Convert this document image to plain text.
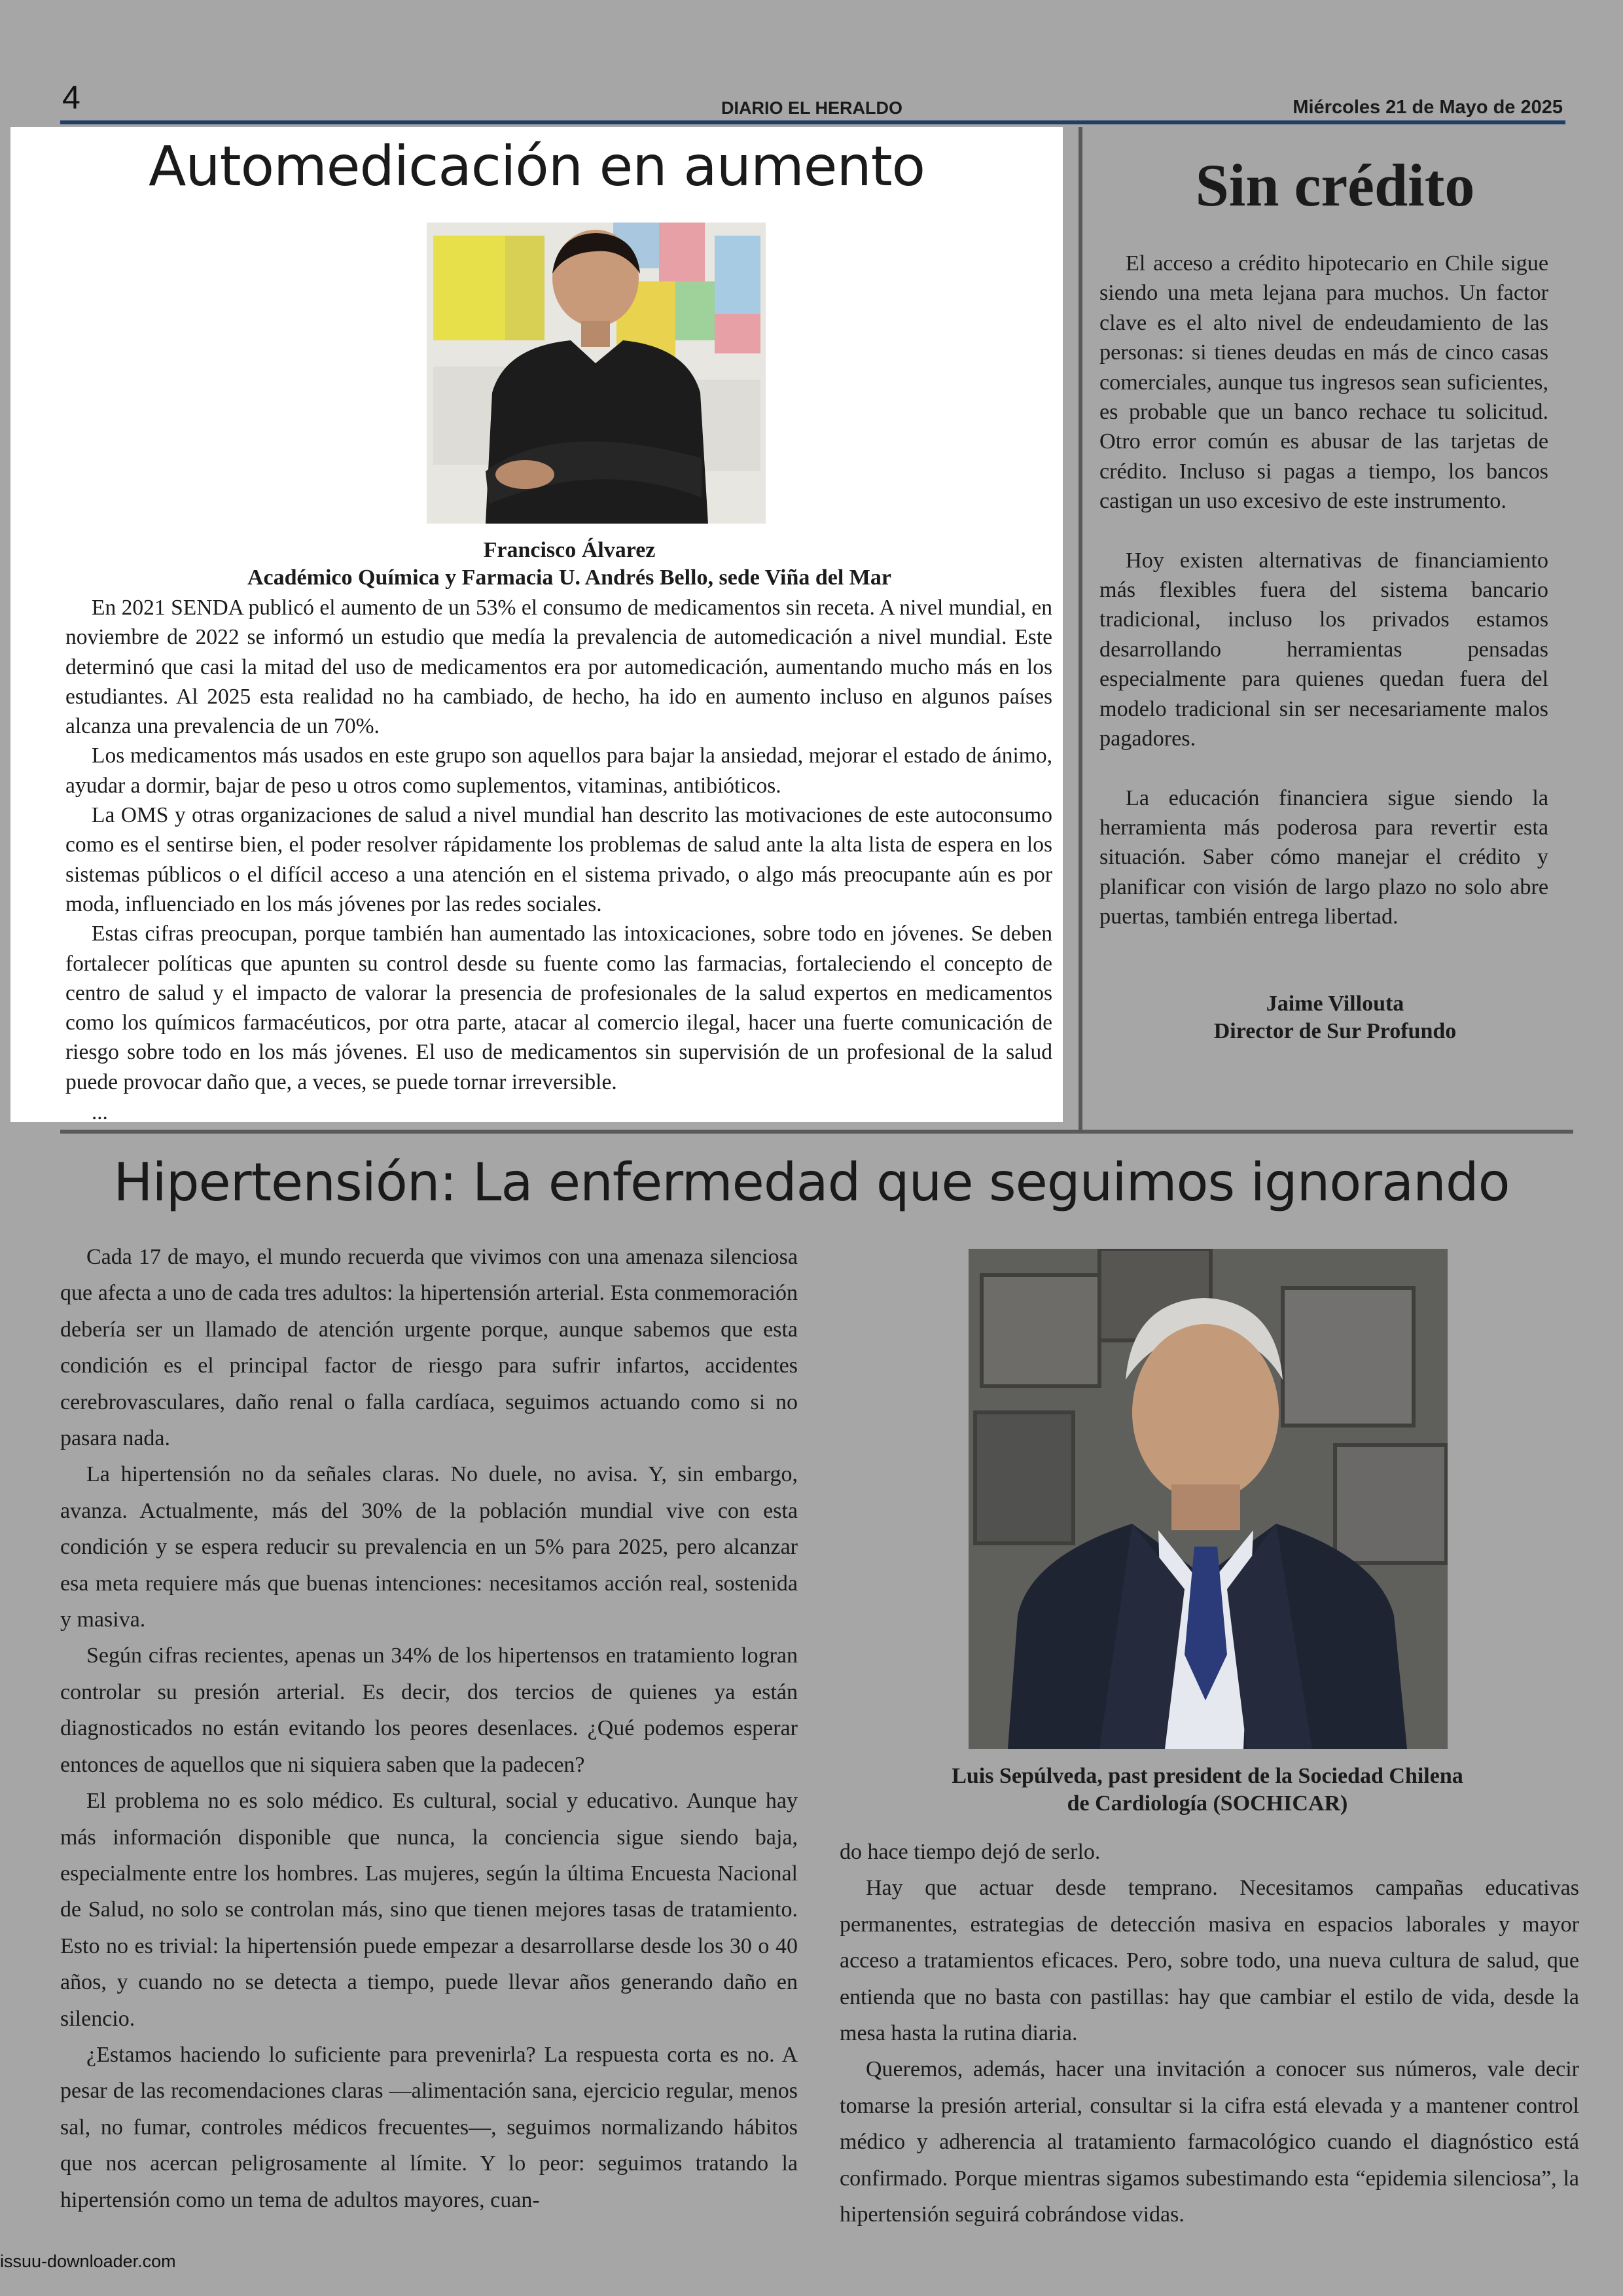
4	DIARIO EL HERALDO	Miércoles 21 de Mayo de 2025
Automedicación en aumento
Francisco Álvarez
Académico Química y Farmacia U. Andrés Bello, sede Viña del Mar

En 2021 SENDA publicó el aumento de un 53% el consumo de medicamentos sin receta. A nivel mundial, en noviembre de 2022 se informó un estudio que medía la prevalencia de automedicación a nivel mundial. Este determinó que casi la mitad del uso de medicamentos era por automedicación, aumentando mucho más en los estudiantes. Al 2025 esta realidad no ha cambiado, de hecho, ha ido en aumento incluso en algunos países alcanza una prevalencia de un 70%.

Los medicamentos más usados en este grupo son aquellos para bajar la ansiedad, mejorar el estado de ánimo, ayudar a dormir, bajar de peso u otros como suplementos, vitaminas, antibióticos.

La OMS y otras organizaciones de salud a nivel mundial han descrito las motivaciones de este autoconsumo como es el sentirse bien, el poder resolver rápidamente los problemas de salud ante la alta lista de espera en los sistemas públicos o el difícil acceso a una atención en el sistema privado, o algo más preocupante aún es por moda, influenciado en los más jóvenes por las redes sociales.

Estas cifras preocupan, porque también han aumentado las intoxicaciones, sobre todo en jóvenes. Se deben fortalecer políticas que apunten su control desde su fuente como las farmacias, fortaleciendo el concepto de centro de salud y el impacto de valorar la presencia de profesionales de la salud expertos en medicamentos como los químicos farmacéuticos, por otra parte, atacar al comercio ilegal, hacer una fuerte comunicación de riesgo sobre todo en los más jóvenes. El uso de medicamentos sin supervisión de un profesional de la salud puede provocar daño que, a veces, se puede tornar irreversible.

...
Sin crédito

El acceso a crédito hipotecario en Chile sigue siendo una meta lejana para muchos. Un factor clave es el alto nivel de endeudamiento de las personas: si tienes deudas en más de cinco casas comerciales, aunque tus ingresos sean suficientes, es probable que un banco rechace tu solicitud. Otro error común es abusar de las tarjetas de crédito. Incluso si pagas a tiempo, los bancos castigan un uso excesivo de este instrumento.

Hoy existen alternativas de financiamiento más flexibles fuera del sistema bancario tradicional, incluso los privados estamos desarrollando herramientas pensadas especialmente para quienes quedan fuera del modelo tradicional sin ser necesariamente malos pagadores.

La educación financiera sigue siendo la herramienta más poderosa para revertir esta situación. Saber cómo manejar el crédito y planificar con visión de largo plazo no solo abre puertas, también entrega libertad.

Jaime Villouta
Director de Sur Profundo
Hipertensión: La enfermedad que seguimos ignorando

Cada 17 de mayo, el mundo recuerda que vivimos con una amenaza silenciosa que afecta a uno de cada tres adultos: la hipertensión arterial. Esta conmemoración debería ser un llamado de atención urgente porque, aunque sabemos que esta condición es el principal factor de riesgo para sufrir infartos, accidentes cerebrovasculares, daño renal o falla cardíaca, seguimos actuando como si no pasara nada.

La hipertensión no da señales claras. No duele, no avisa. Y, sin embargo, avanza. Actualmente, más del 30% de la población mundial vive con esta condición y se espera reducir su prevalencia en un 5% para 2025, pero alcanzar esa meta requiere más que buenas intenciones: necesitamos acción real, sostenida y masiva.

Según cifras recientes, apenas un 34% de los hipertensos en tratamiento logran controlar su presión arterial. Es decir, dos tercios de quienes ya están diagnosticados no están evitando los peores desenlaces. ¿Qué podemos esperar entonces de aquellos que ni siquiera saben que la padecen?

El problema no es solo médico. Es cultural, social y educativo. Aunque hay más información disponible que nunca, la conciencia sigue siendo baja, especialmente entre los hombres. Las mujeres, según la última Encuesta Nacional de Salud, no solo se controlan más, sino que tienen mejores tasas de tratamiento. Esto no es trivial: la hipertensión puede empezar a desarrollarse desde los 30 o 40 años, y cuando no se detecta a tiempo, puede llevar años generando daño en silencio.

¿Estamos haciendo lo suficiente para prevenirla? La respuesta corta es no. A pesar de las recomendaciones claras —alimentación sana, ejercicio regular, menos sal, no fumar, controles médicos frecuentes—, seguimos normalizando hábitos que nos acercan peligrosamente al límite. Y lo peor: seguimos tratando la hipertensión como un tema de adultos mayores, cuan-

Luis Sepúlveda, past president de la Sociedad Chilena
de Cardiología (SOCHICAR)

do hace tiempo dejó de serlo.

Hay que actuar desde temprano. Necesitamos campañas educativas permanentes, estrategias de detección masiva en espacios laborales y mayor acceso a tratamientos eficaces. Pero, sobre todo, una nueva cultura de salud, que entienda que no basta con pastillas: hay que cambiar el estilo de vida, desde la mesa hasta la rutina diaria.

Queremos, además, hacer una invitación a conocer sus números, vale decir tomarse la presión arterial, consultar si la cifra está elevada y a mantener control médico y adherencia al tratamiento farmacológico cuando el diagnóstico está confirmado. Porque mientras sigamos subestimando esta “epidemia silenciosa”, la hipertensión seguirá cobrándose vidas.

issuu-downloader.com
